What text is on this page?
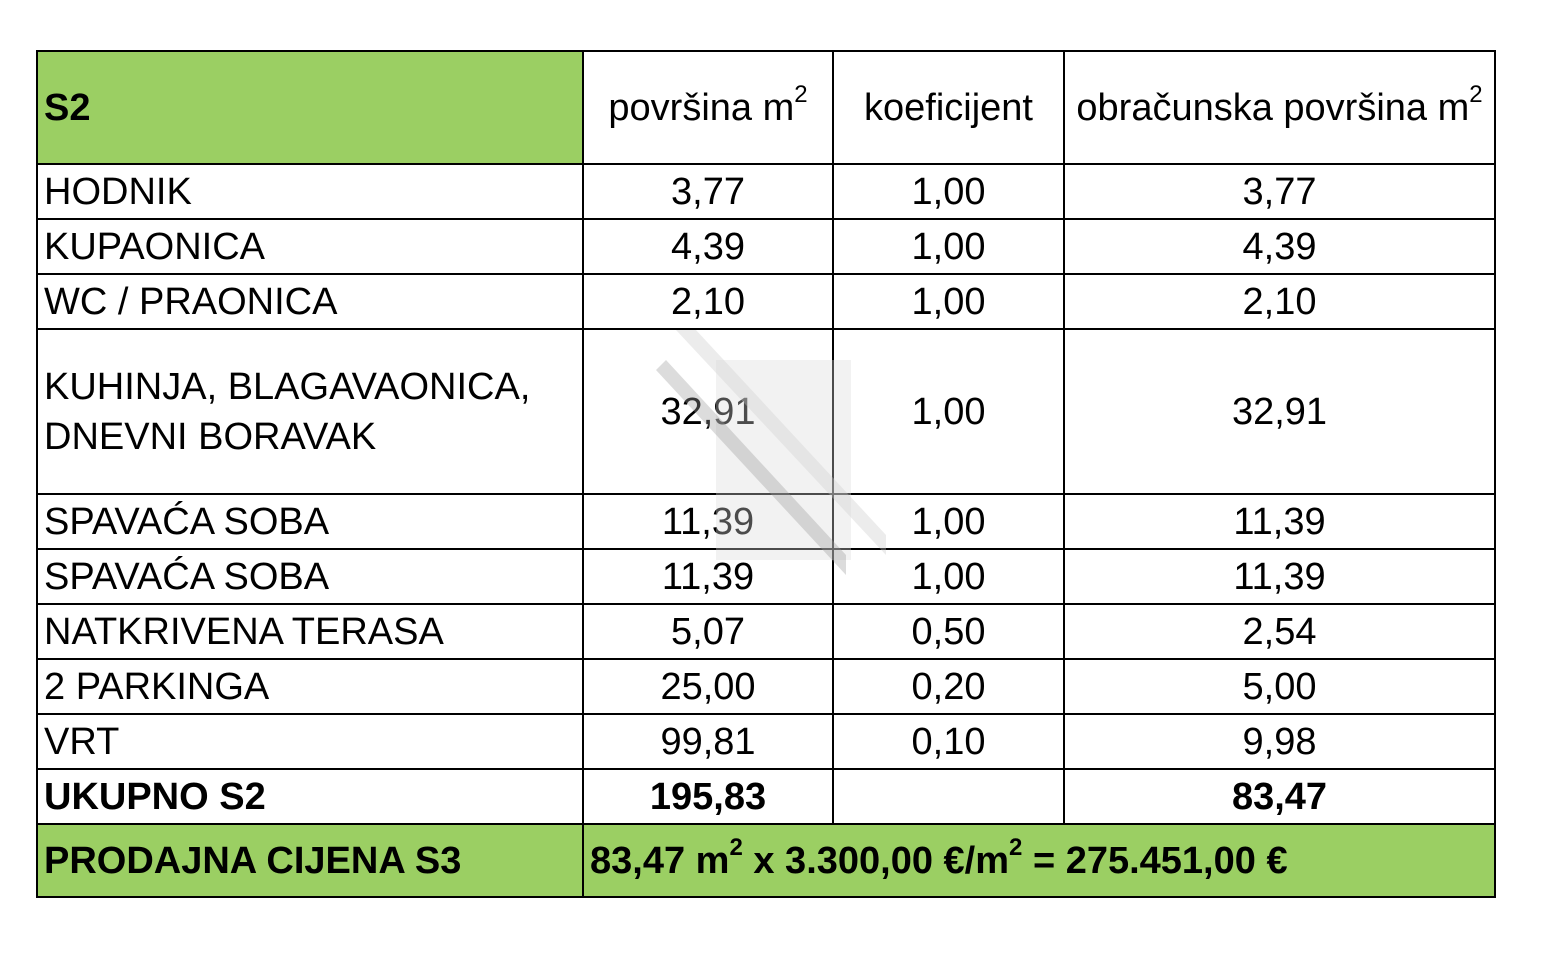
S2	površina $m^2$	koeficijent	obračunska površina $m^2$
HODNIK	3,77	1,00	3,77
KUPAONICA	4,39	1,00	4,39
WC / PRAONICA	2,10	1,00	2,10
KUHINJA, BLAGAVAONICA, DNEVNI BORAVAK	32,91	1,00	32,91
SPAVAĆA SOBA	11,39	1,00	11,39
SPAVAĆA SOBA	11,39	1,00	11,39
NATKRIVENA TERASA	5,07	0,50	2,54
2 PARKINGA	25,00	0,20	5,00
VRT	99,81	0,10	9,98
UKUPNO S2	195,83		83,47
PRODAJNA CIJENA S3	83,47 $m^2$ x 3.300,00 $€/m^2 = 275.451,00$ €		
